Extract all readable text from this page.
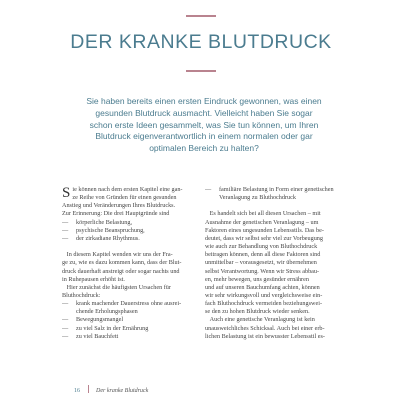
DER KRANKE BLUTDRUCK
Sie haben bereits einen ersten Eindruck gewonnen, was einen gesunden Blutdruck ausmacht. Vielleicht haben Sie sogar schon erste Ideen gesammelt, was Sie tun können, um Ihren Blutdruck eigenverantwortlich in einem normalen oder gar optimalen Bereich zu halten?
S ie können nach dem ersten Kapitel eine gan-
ze Reihe von Gründen für einen gesunden
Anstieg und Veränderungen Ihres Blutdrucks.
Zur Erinnerung: Die drei Hauptgründe sind
— körperliche Belastung,
— psychische Beanspruchung,
— der zirkadiane Rhythmus.
In diesem Kapitel wenden wir uns der Fra-
ge zu, wie es dazu kommen kann, dass der Blut-
druck dauerhaft anstreigt oder sogar nachts und
in Ruhepausen erhöht ist.
Hier zunächst die häufigsten Ursachen für
Bluthochdruck:
— krank machender Dauerstress ohne ausrei-
chende Erholungsphasen
— Bewegungsmangel
— zu viel Salz in der Ernährung
— zu viel Bauchfett
— familiäre Belastung in Form einer genetischen
Veranlagung zu Bluthochdruck
Es handelt sich bei all diesen Ursachen – mit
Ausnahme der genetischen Veranlagung – um
Faktoren eines ungesunden Lebensstils. Das be-
deutet, dass wir selbst sehr viel zur Vorbeugung
wie auch zur Behandlung von Bluthochdruck
beitragen können, denn all diese Faktoren sind
unmittelbar – vorausgesetzt, wir übernehmen
selbst Verantwortung. Wenn wir Stress abbau-
en, mehr bewegen, uns gesünder ernähren
und auf unseren Bauchumfang achten, können
wir sehr wirkungsvoll und vergleichsweise ein-
fach Bluthochdruck vermeiden beziehungswei-
se den zu hohen Blutdruck wieder senken.
Auch eine genetische Veranlagung ist kein
unausweichliches Schicksal. Auch bei einer erb-
lichen Belastung ist ein bewusster Lebensstil es-
16	Der kranke Blutdruck
